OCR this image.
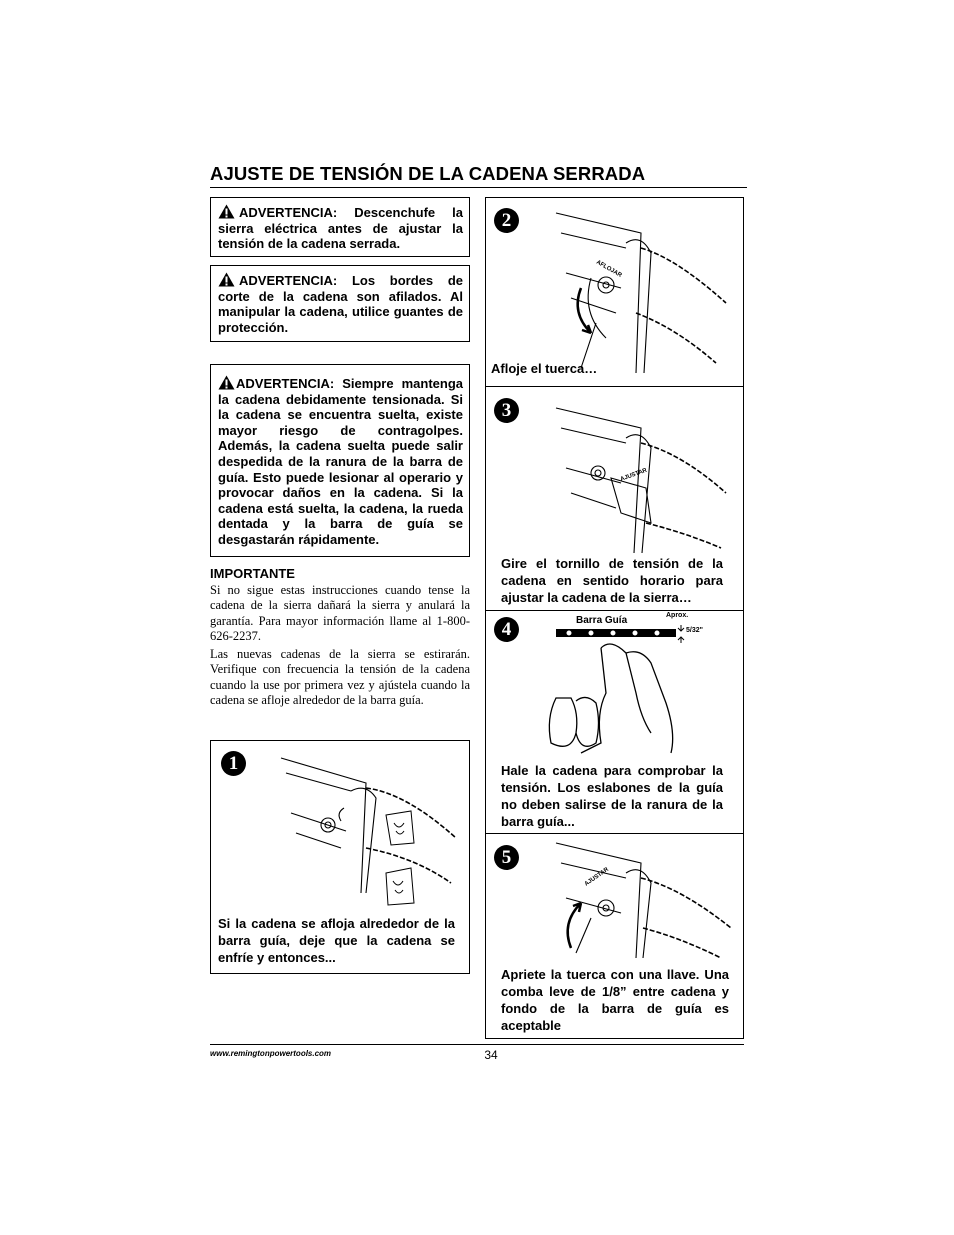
AJUSTE DE TENSIÓN DE LA CADENA SERRADA
ADVERTENCIA: Descenchufe la sierra eléctrica antes de ajustar la tensión de la cadena serrada.
ADVERTENCIA: Los bordes de corte de la cadena son afilados. Al manipular la cadena, utilice guantes de protección.
ADVERTENCIA: Siempre mantenga la cadena debidamente tensionada. Si la cadena se encuentra suelta, existe mayor riesgo de contragolpes. Además, la cadena suelta puede salir despedida de la ranura de la barra de guía. Esto puede lesionar al operario y provocar daños en la cadena. Si la cadena está suelta, la cadena, la rueda dentada y la barra de guía se desgastarán rápidamente.
IMPORTANTE
Si no sigue estas instrucciones cuando tense la cadena de la sierra dañará la sierra y anulará la garantía. Para mayor información llame al 1-800-626-2237.
Las nuevas cadenas de la sierra se estirarán. Verifique con frecuencia la tensión de la cadena cuando la use por primera vez y ajústela cuando la cadena se afloje alrededor de la barra guía.
1
Si la cadena se afloja alrededor de la barra guía, deje que la cadena se enfríe y entonces...
2
AFLOJAR
Afloje el tuerca…
3
AJUSTAR
Gire el tornillo de tensión de la cadena en sentido horario para ajustar la cadena de la sierra…
4	Barra Guía	Aprox.
5/32"
Hale la cadena para comprobar la tensión. Los eslabones de la guía no deben salirse de la ranura de la barra guía...
5
AJUSTAR
Apriete la tuerca con una llave. Una comba leve de 1/8” entre cadena y fondo de la barra de guía es aceptable
www.remingtonpowertools.com	34
